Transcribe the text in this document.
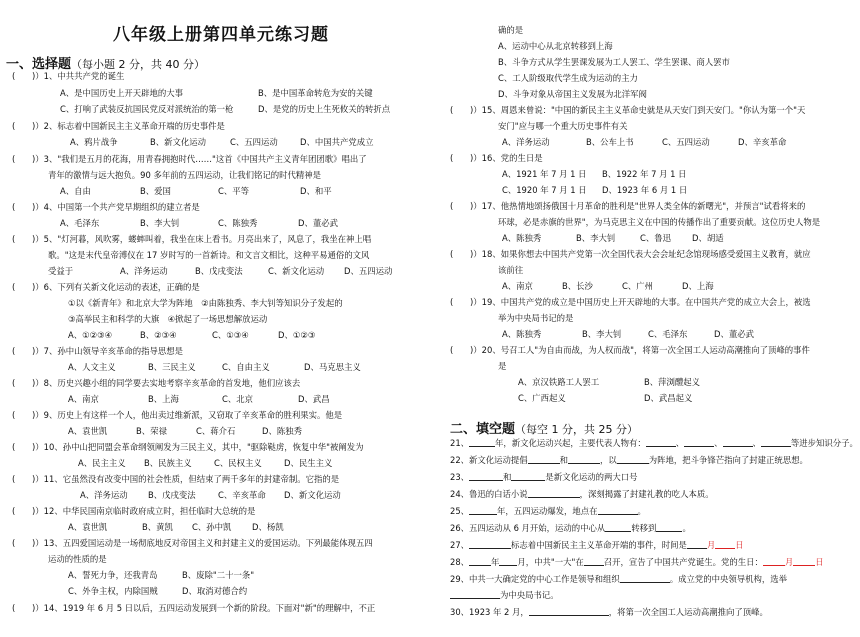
八年级上册第四单元练习题
一、选择题（每小题 2 分，共 40 分）
(　　)）1、中共共产党的诞生
A、是中国历史上开天辟地的大事	B、是中国革命转危为安的关键
C、打响了武装反抗国民党反对派统治的第一枪	D、是党的历史上生死攸关的转折点
(　　)）2、标志着中国新民主主义革命开端的历史事件是
A、鸦片战争	B、新文化运动	C、五四运动	D、中国共产党成立
(　　)）3、"我们是五月的花海，用青春拥抱时代……"这首《中国共产主义青年团团歌》唱出了
青年的激情与远大抱负。90 多年前的五四运动，让我们铭记的时代精神是
A、自由	B、爱国	C、平等	D、和平
(　　)）4、中国第一个共产党早期组织的建立者是
A、毛泽东	B、李大钊	C、陈独秀	D、董必武
(　　)）5、"灯河暮，风吹雾，蝼蟀叫着，我坐在床上看书。月亮出来了，风息了，我坐在神上唱
歌。"这是末代皇帝溥仪在 17 岁时写的一首新诗。和文言文相比，这种平易通俗的文风
受益于	A、洋务运动	B、戊戌变法	C、新文化运动 D、五四运动
(　　)）6、下列有关新文化运动的表述，正确的是
①以《新青年》和北京大学为阵地　②由陈独秀、李大钊等知识分子发起的
③高举民主和科学的大旗　④掀起了一场思想解放运动
A、①②③④	B、②③④	C、①③④	D、①②③
(　　)）7、孙中山领导辛亥革命的指导思想是
A、人文主义	B、三民主义	C、自由主义	D、马克思主义
(　　)）8、历史兴趣小组的同学要去实地考察辛亥革命的首发地，他们应该去
A、南京	B、上海	C、北京	D、武昌
(　　)）9、历史上有这样一个人，他出卖过维新派，又窃取了辛亥革命的胜利果实。他是
A、袁世凯	B、荣禄	C、蒋介石	D、陈独秀
(　　)）10、孙中山把同盟会革命纲领阐发为三民主义，其中，"驱除鞑虏，恢复中华"被阐发为
A、民主主义 B、民族主义	C、民权主义	D、民生主义
(　　)）11、它虽然没有改变中国的社会性质，但结束了两千多年的封建帝制。它指的是
A、洋务运动 B、戊戌变法	C、辛亥革命 D、新文化运动
(　　)）12、中华民国南京临时政府成立时，担任临时大总统的是
A、袁世凯	B、黄凯 C、孙中凯 D、杨凯
(　　)）13、五四爱国运动是一场彻底地反对帝国主义和封建主义的爱国运动。下列最能体现五四
运动的性质的是
A、誓死力争，还我青岛	B、废除"二十一条"
C、外争主权，内除国贼	D、取消对德合约
(　　)）14、1919 年 6 月 5 日以后，五四运动发展到一个新的阶段。下面对"新"的理解中，不正
确的是
A、运动中心从北京转移到上海
B、斗争方式从学生罢课发展为工人罢工、学生罢课、商人罢市
C、工人阶级取代学生成为运动的主力
D、斗争对象从帝国主义发展为北洋军阀
(　　)）15、周恩来曾说："中国的新民主主义革命史就是从天安门到天安门。"你认为第一个"天
安门"应与哪一个重大历史事件有关
A、洋务运动	B、公车上书	C、五四运动	D、辛亥革命
(　　)）16、党的生日是
A、1921 年 7 月 1 日 B、1922 年 7 月 1 日
C、1920 年 7 月 1 日 D、1923 年 6 月 1 日
(　　)）17、他热情地颂扬俄国十月革命的胜利是"世界人类全体的新曙光"，并预言"试看将来的
环球，必是赤旗的世界"，为马克思主义在中国的传播作出了重要贡献。这位历史人物是
A、陈独秀	B、李大钊	C、鲁迅	D、胡适
(　　)）18、如果你想去中国共产党第一次全国代表大会会址纪念馆现场感受爱国主义教育，就应
该前往
A、南京	B、长沙	C、广州	D、上海
(　　)）19、中国共产党的成立是中国历史上开天辟地的大事。在中国共产党的成立大会上，被选
举为中央局书记的是
A、陈独秀	B、李大钊	C、毛泽东	D、董必武
(　　)）20、号召工人"为自由而战，为人权而战"，将第一次全国工人运动高潮推向了顶峰的事件
是
A、京汉铁路工人罢工	B、萍浏醴起义
C、广西起义	D、武昌起义
二、填空题（每空 1 分，共 25 分）
21、	年，新文化运动兴起，主要代表人物有：	、	、	、	等进步知识分子。
22、新文化运动提倡	和	，以	为阵地，把斗争锋芒指向了封建正统思想。
23、	和	是新文化运动的两大口号
24、鲁迅的白话小说	，深刻揭露了封建礼教的吃人本质。
25、	年，五四运动爆发，地点在	。
26、五四运动从 6 月开始，运动的中心从	转移到	。
27、	标志着中国新民主主义革命开端的事件，时间是 月 日
28、	年 月，中共"一大"在 召开，宣告了中国共产党诞生。党的生日：	月	日
29、中共一大确定党的中心工作是领导和组织	。成立党的中央领导机构，选举
为中央局书记。
30、1923 年 2 月，	，将第一次全国工人运动高潮推向了顶峰。
